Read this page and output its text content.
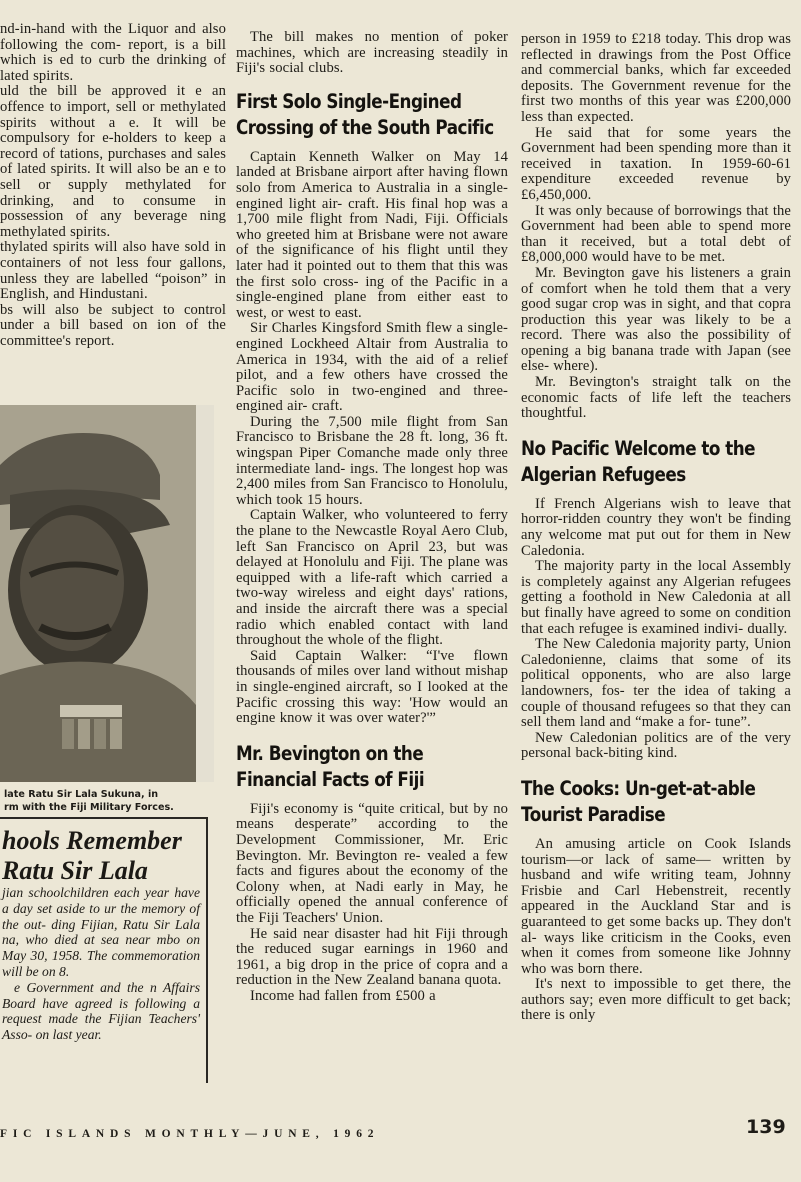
nd-in-hand with the Liquor and also following the com- report, is a bill which is ed to curb the drinking of lated spirits.

uld the bill be approved it e an offence to import, sell or methylated spirits without a e. It will be compulsory for e-holders to keep a record of tations, purchases and sales of lated spirits. It will also be an e to sell or supply methylated for drinking, and to consume in possession of any beverage ning methylated spirits.

thylated spirits will also have sold in containers of not less four gallons, unless they are labelled “poison” in English, and Hindustani.

bs will also be subject to control under a bill based on ion of the committee's report.

late Ratu Sir Lala Sukuna, in
rm with the Fiji Military Forces.
hools Remember Ratu Sir Lala

jian schoolchildren each year have a day set aside to ur the memory of the out- ding Fijian, Ratu Sir Lala na, who died at sea near mbo on May 30, 1958. The commemoration will be on 8.

e Government and the n Affairs Board have agreed is following a request made the Fijian Teachers' Asso- on last year.

The bill makes no mention of poker machines, which are increasing steadily in Fiji's social clubs.

First Solo Single-Engined Crossing of the South Pacific

Captain Kenneth Walker on May 14 landed at Brisbane airport after having flown solo from America to Australia in a single-engined light air- craft. His final hop was a 1,700 mile flight from Nadi, Fiji. Officials who greeted him at Brisbane were not aware of the significance of his flight until they later had it pointed out to them that this was the first solo cross- ing of the Pacific in a single-engined plane from either east to west, or west to east.

Sir Charles Kingsford Smith flew a single-engined Lockheed Altair from Australia to America in 1934, with the aid of a relief pilot, and a few others have crossed the Pacific solo in two-engined and three-engined air- craft.

During the 7,500 mile flight from San Francisco to Brisbane the 28 ft. long, 36 ft. wingspan Piper Comanche made only three intermediate land- ings. The longest hop was 2,400 miles from San Francisco to Honolulu, which took 15 hours.

Captain Walker, who volunteered to ferry the plane to the Newcastle Royal Aero Club, left San Francisco on April 23, but was delayed at Honolulu and Fiji. The plane was equipped with a life-raft which carried a two-way wireless and eight days' rations, and inside the aircraft there was a special radio which enabled contact with land throughout the whole of the flight.

Said Captain Walker: “I've flown thousands of miles over land without mishap in single-engined aircraft, so I looked at the Pacific crossing this way: 'How would an engine know it was over water?'”

Mr. Bevington on the Financial Facts of Fiji

Fiji's economy is “quite critical, but by no means desperate” according to the Development Commissioner, Mr. Eric Bevington. Mr. Bevington re- vealed a few facts and figures about the economy of the Colony when, at Nadi early in May, he officially opened the annual conference of the Fiji Teachers' Union.

He said near disaster had hit Fiji through the reduced sugar earnings in 1960 and 1961, a big drop in the price of copra and a reduction in the New Zealand banana quota.

Income had fallen from £500 a

person in 1959 to £218 today. This drop was reflected in drawings from the Post Office and commercial banks, which far exceeded deposits. The Government revenue for the first two months of this year was £200,000 less than expected.

He said that for some years the Government had been spending more than it received in taxation. In 1959-60-61 expenditure exceeded revenue by £6,450,000.

It was only because of borrowings that the Government had been able to spend more than it received, but a total debt of £8,000,000 would have to be met.

Mr. Bevington gave his listeners a grain of comfort when he told them that a very good sugar crop was in sight, and that copra production this year was likely to be a record. There was also the possibility of opening a big banana trade with Japan (see else- where).

Mr. Bevington's straight talk on the economic facts of life left the teachers thoughtful.

No Pacific Welcome to the Algerian Refugees

If French Algerians wish to leave that horror-ridden country they won't be finding any welcome mat put out for them in New Caledonia.

The majority party in the local Assembly is completely against any Algerian refugees getting a foothold in New Caledonia at all but finally have agreed to some on condition that each refugee is examined indivi- dually.

The New Caledonia majority party, Union Caledonienne, claims that some of its political opponents, who are also large landowners, fos- ter the idea of taking a couple of thousand refugees so that they can sell them land and “make a for- tune”.

New Caledonian politics are of the very personal back-biting kind.

The Cooks: Un-get-at-able Tourist Paradise

An amusing article on Cook Islands tourism—or lack of same— written by husband and wife writing team, Johnny Frisbie and Carl Hebenstreit, recently appeared in the Auckland Star and is guaranteed to get some backs up. They don't al- ways like criticism in the Cooks, even when it comes from someone like Johnny who was born there.

It's next to impossible to get there, the authors say; even more difficult to get back; there is only

FIC ISLANDS MONTHLY—JUNE, 1962	139
